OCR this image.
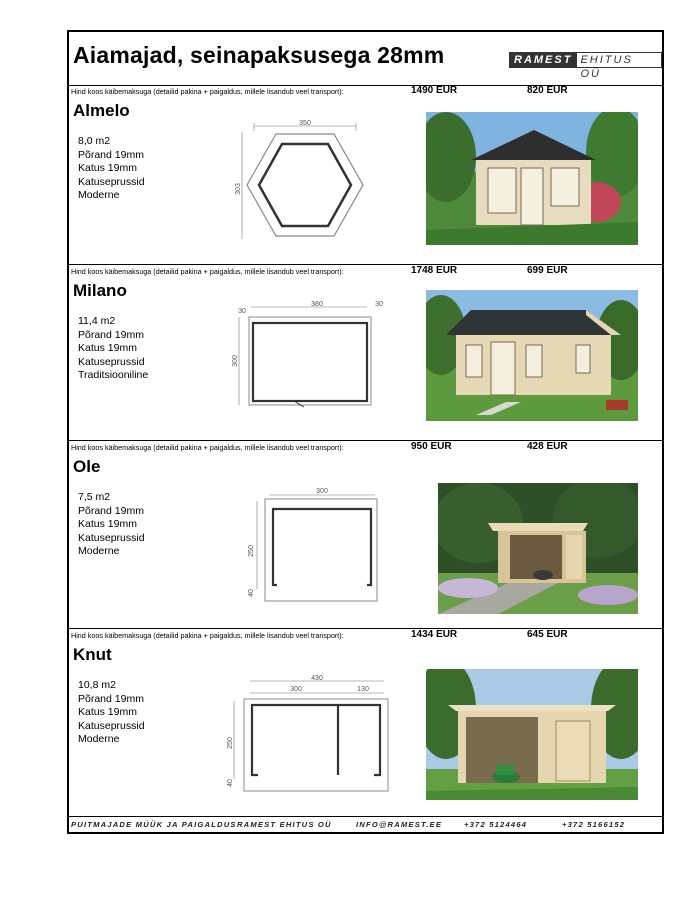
Aiamajad, seinapaksusega 28mm	RAMEST EHITUS OÜ
Hind koos käibemaksuga (detailid pakina + paigaldus, millele lisandub veel transport):	1490 EUR	820 EUR
Almelo
8,0 m2
Põrand 19mm
Katus 19mm
Katuseprussid
Moderne
350
303
Hind koos käibemaksuga (detailid pakina + paigaldus, millele lisandub veel transport):	1748 EUR	699 EUR
Milano
11,4 m2
Põrand 19mm
Katus 19mm
Katuseprussid
Traditsiooniline
380
30
30
300
Hind koos käibemaksuga (detailid pakina + paigaldus, millele lisandub veel transport):	950 EUR	428 EUR
Ole
7,5 m2
Põrand 19mm
Katus 19mm
Katuseprussid
Moderne
300
250
40
Hind koos käibemaksuga (detailid pakina + paigaldus, millele lisandub veel transport):	1434 EUR	645 EUR
Knut
10,8 m2
Põrand 19mm
Katus 19mm
Katuseprussid
Moderne
430
300	130
250
40
PUITMAJADE MÜÜK JA PAIGALDUS RAMEST EHITUS OÜ	INFO@RAMEST.EE	+372 5124464	+372 5166152
